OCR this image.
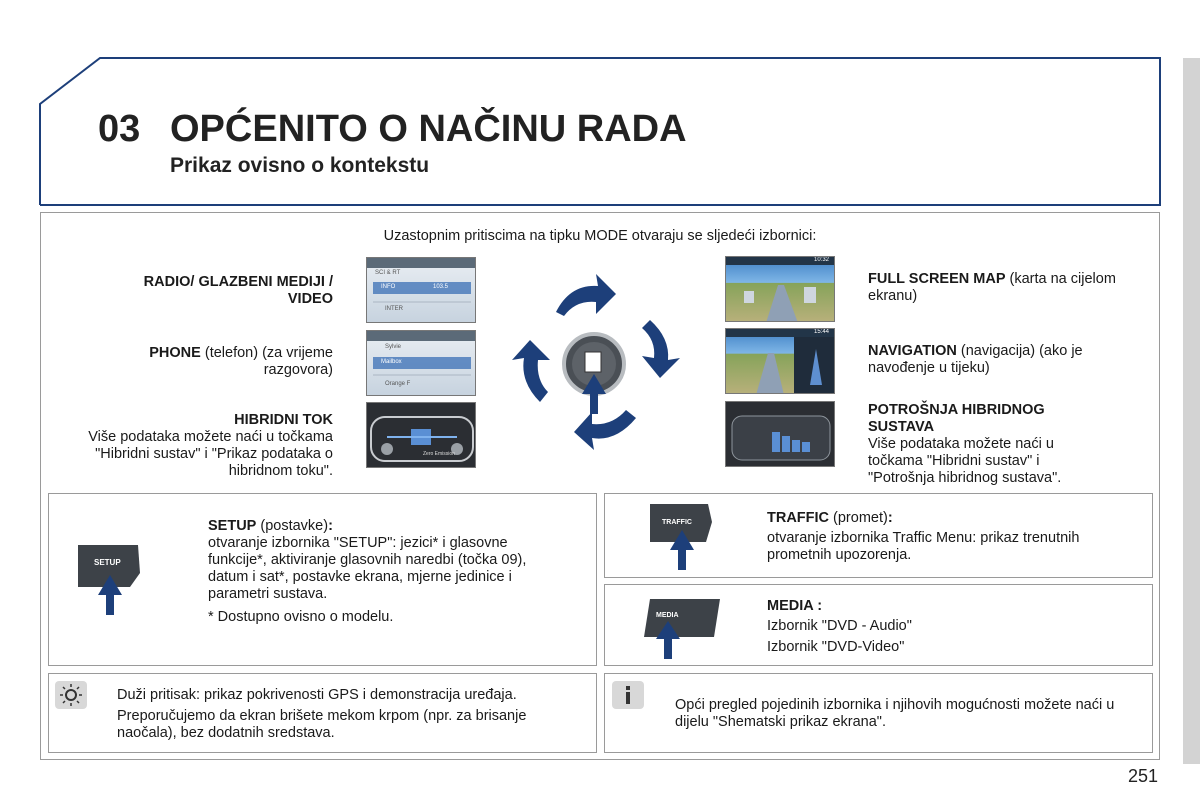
03 OPĆENITO O NAČINU RADA
Prikaz ovisno o kontekstu
Uzastopnim pritiscima na tipku MODE otvaraju se sljedeći izbornici:
RADIO/ GLAZBENI MEDIJI / VIDEO
PHONE (telefon) (za vrijeme razgovora)
HIBRIDNI TOK
Više podataka možete naći u točkama "Hibridni sustav" i "Prikaz podataka o hibridnom toku".
FULL SCREEN MAP (karta na cijelom ekranu)
NAVIGATION (navigacija) (ako je navođenje u tijeku)
POTROŠNJA HIBRIDNOG SUSTAVA
Više podataka možete naći u točkama "Hibridni sustav" i "Potrošnja hibridnog sustava".
SCI & RT
INFO	103.5
INTER
Sylvie
Mailbox
Orange F
Zero Emission
10:32
15:44
SETUP
SETUP (postavke):
otvaranje izbornika "SETUP": jezici* i glasovne funkcije*, aktiviranje glasovnih naredbi (točka 09), datum i sat*, postavke ekrana, mjerne jedinice i parametri sustava.

* Dostupno ovisno o modelu.
TRAFFIC	TRAFFIC (promet):

otvaranje izbornika Traffic Menu: prikaz trenutnih prometnih upozorenja.
MEDIA
MEDIA :

Izbornik "DVD - Audio"
Izbornik "DVD-Video"
Duži pritisak: prikaz pokrivenosti GPS i demonstracija uređaja.
Preporučujemo da ekran brišete mekom krpom (npr. za brisanje naočala), bez dodatnih sredstava.
Opći pregled pojedinih izbornika i njihovih mogućnosti možete naći u dijelu "Shematski prikaz ekrana".
251
